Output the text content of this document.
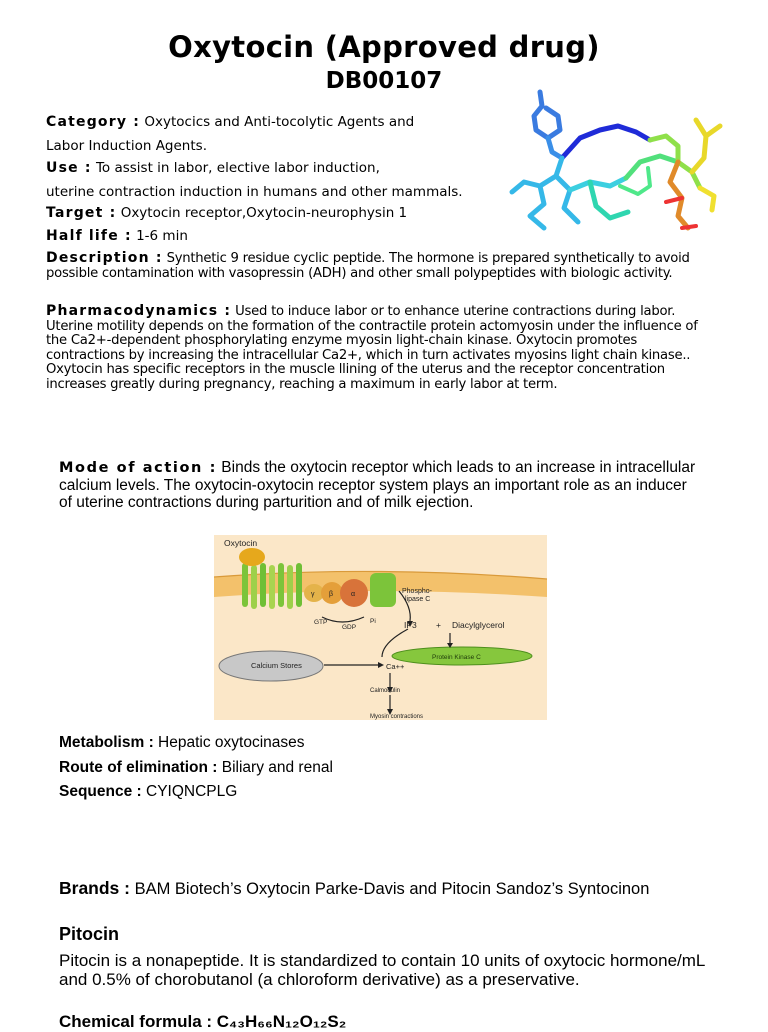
Oxytocin (Approved drug)
DB00107
Category : Oxytocics and Anti-tocolytic Agents and
Labor Induction Agents.
Use : To assist in labor, elective labor induction,
uterine contraction induction in humans and other mammals.
Target : Oxytocin receptor,Oxytocin-neurophysin 1
Half life : 1-6 min
Description : Synthetic 9 residue cyclic peptide. The hormone is prepared synthetically to avoid possible contamination with vasopressin (ADH) and other small polypeptides with biologic activity.
Pharmacodynamics : Used to induce labor or to enhance uterine contractions during labor. Uterine motility depends on the formation of the contractile protein actomyosin under the influence of the Ca2+-dependent phosphorylating enzyme myosin light-chain kinase. Oxytocin promotes contractions by increasing the intracellular Ca2+, which in turn activates myosins light chain kinase.. Oxytocin has specific receptors in the muscle llining of the uterus and the receptor concentration increases greatly during pregnancy, reaching a maximum in early labor at term.
Mode of action : Binds the oxytocin receptor which leads to an increase in intracellular calcium levels. The oxytocin-oxytocin receptor system plays an important role as an inducer of uterine contractions during parturition and of milk ejection.
Oxytocin
γ β	α	Phospho-
lipase C
GTP
GDP
Pi	IP3 + Diacylglycerol
Protein Kinase C
Calcium Stores	Ca++
Calmodulin
Myosin contractions
Metabolism : Hepatic oxytocinases
Route of elimination : Biliary and renal
Sequence : CYIQNCPLG
Brands : BAM Biotech’s Oxytocin Parke-Davis and Pitocin Sandoz’s Syntocinon
Pitocin
Pitocin is a nonapeptide. It is standardized to contain 10 units of oxytocic hormone/mL and 0.5% of chorobutanol (a chloroform derivative) as a preservative.
Chemical formula : C₄₃H₆₆N₁₂O₁₂S₂
